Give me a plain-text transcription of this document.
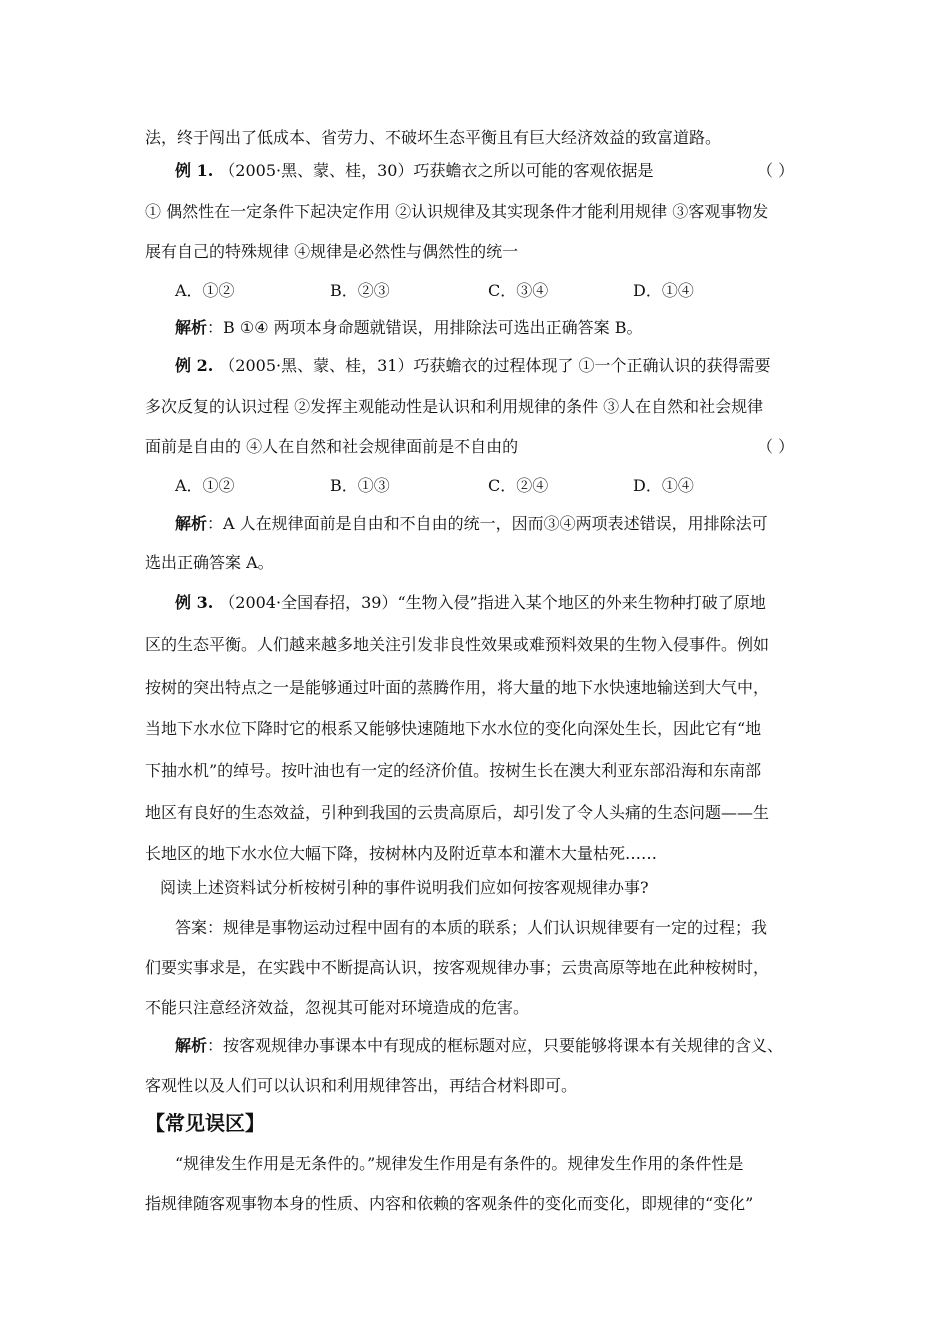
法，终于闯出了低成本、省劳力、不破坏生态平衡且有巨大经济效益的致富道路。
例 1. （2005·黑、蒙、桂，30）巧获蟾衣之所以可能的客观依据是	（ ）
① 偶然性在一定条件下起决定作用 ②认识规律及其实现条件才能利用规律 ③客观事物发
展有自己的特殊规律 ④规律是必然性与偶然性的统一
A．①②	B．②③	C．③④	D．①④
解析：B ①④ 两项本身命题就错误，用排除法可选出正确答案 B。
例 2. （2005·黑、蒙、桂，31）巧获蟾衣的过程体现了 ①一个正确认识的获得需要
多次反复的认识过程 ②发挥主观能动性是认识和利用规律的条件 ③人在自然和社会规律
面前是自由的 ④人在自然和社会规律面前是不自由的	（ ）
A．①②	B．①③	C．②④	D．①④
解析：A 人在规律面前是自由和不自由的统一，因而③④两项表述错误，用排除法可
选出正确答案 A。
例 3. （2004·全国春招，39）“生物入侵”指进入某个地区的外来生物种打破了原地
区的生态平衡。人们越来越多地关注引发非良性效果或难预料效果的生物入侵事件。例如
按树的突出特点之一是能够通过叶面的蒸腾作用，将大量的地下水快速地输送到大气中，
当地下水水位下降时它的根系又能够快速随地下水水位的变化向深处生长，因此它有“地
下抽水机”的绰号。按叶油也有一定的经济价值。按树生长在澳大利亚东部沿海和东南部
地区有良好的生态效益，引种到我国的云贵高原后，却引发了令人头痛的生态问题——生
长地区的地下水水位大幅下降，按树林内及附近草本和灌木大量枯死……
阅读上述资料试分析桉树引种的事件说明我们应如何按客观规律办事?
答案：规律是事物运动过程中固有的本质的联系；人们认识规律要有一定的过程；我
们要实事求是，在实践中不断提高认识，按客观规律办事；云贵高原等地在此种桉树时，
不能只注意经济效益，忽视其可能对环境造成的危害。
解析：按客观规律办事课本中有现成的框标题对应，只要能够将课本有关规律的含义、
客观性以及人们可以认识和利用规律答出，再结合材料即可。
【常见误区】
“规律发生作用是无条件的。”规律发生作用是有条件的。规律发生作用的条件性是
指规律随客观事物本身的性质、内容和依赖的客观条件的变化而变化，即规律的“变化”
